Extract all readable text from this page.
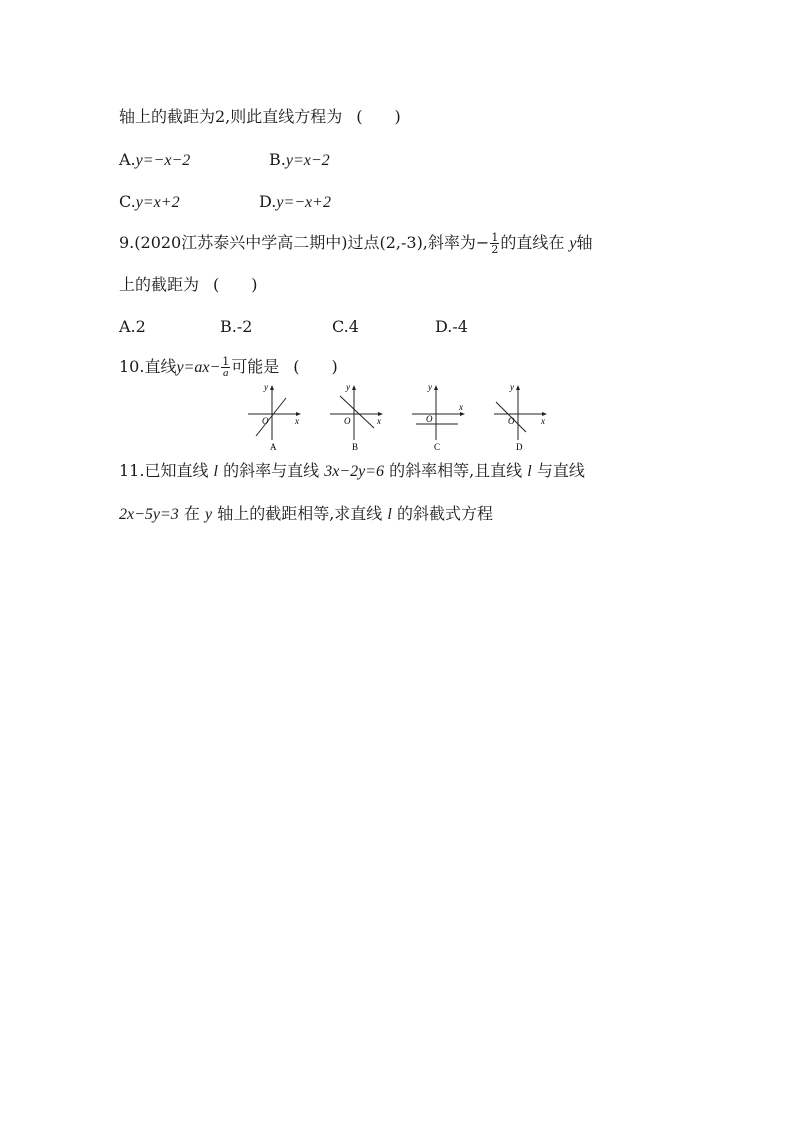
轴上的截距为2,则此直线方程为 (　　)
A.y=−x−2	B.y=x−2
C.y=x+2	D.y=−x+2
9.(2020江苏泰兴中学高二期中)过点(2,-3),斜率为− $\frac{1}{2}$ 的直线在 y轴
上的截距为 (　　)
A.2	B.-2	C.4	D.-4
10.直线$y=ax- \frac{1}{a}$ 可能是 (　　)
y
x
O
A
y
x
O
B
y
x
O
C
y
x
O
D
11.已知直线 l 的斜率与直线 3x−2y=6 的斜率相等,且直线 l 与直线
2x−5y=3 在 y 轴上的截距相等,求直线 l 的斜截式方程
